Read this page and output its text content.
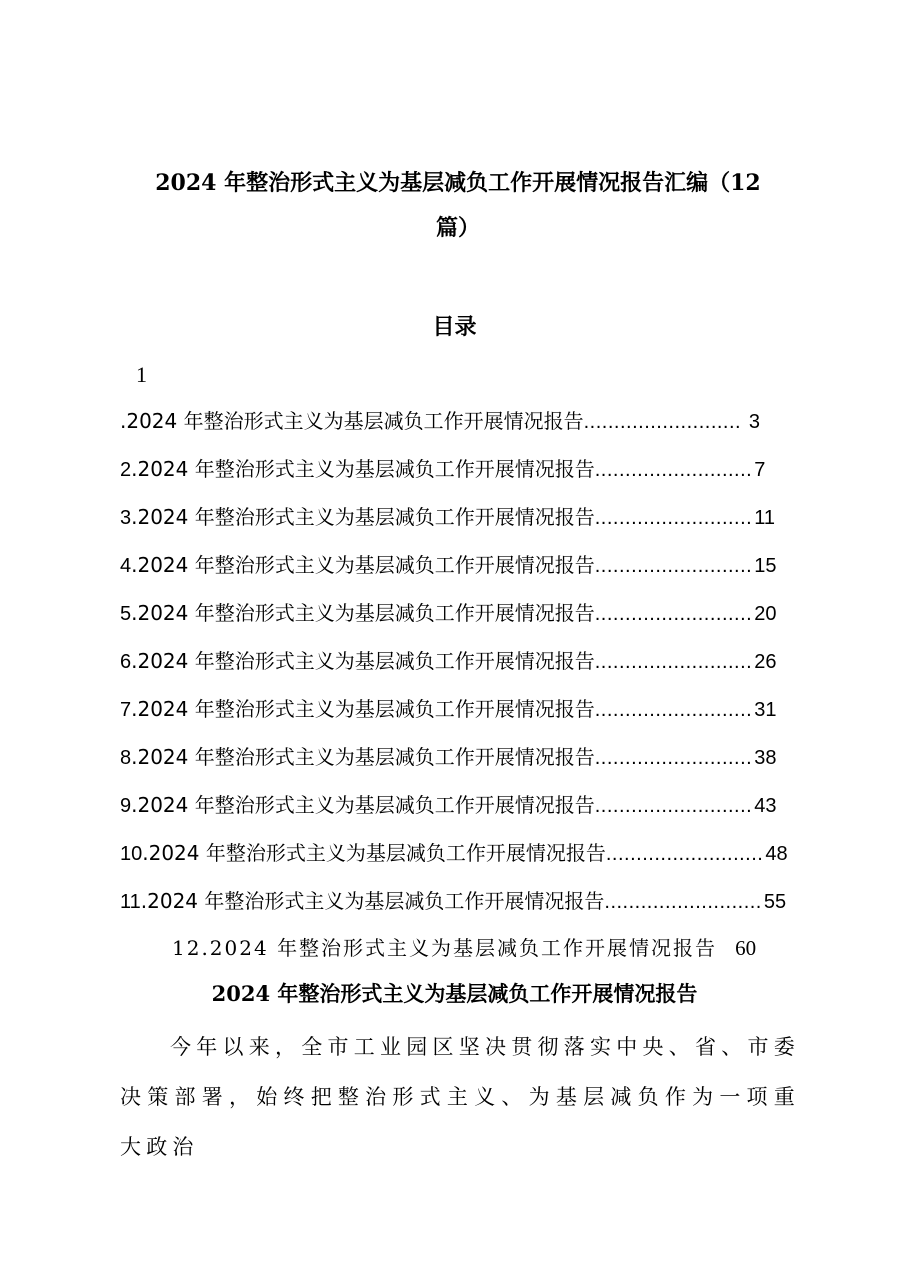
2024 年整治形式主义为基层减负工作开展情况报告汇编（12
篇）
目录
1
.2024 年整治形式主义为基层减负工作开展情况报告 .......................... 3
2 .2024 年整治形式主义为基层减负工作开展情况报告 .......................... 7
3 .2024 年整治形式主义为基层减负工作开展情况报告 .......................... 11
4 .2024 年整治形式主义为基层减负工作开展情况报告 .......................... 15
5 .2024 年整治形式主义为基层减负工作开展情况报告 .......................... 20
6 .2024 年整治形式主义为基层减负工作开展情况报告 .......................... 26
7 .2024 年整治形式主义为基层减负工作开展情况报告 .......................... 31
8 .2024 年整治形式主义为基层减负工作开展情况报告 .......................... 38
9 .2024 年整治形式主义为基层减负工作开展情况报告 .......................... 43
10 .2024 年整治形式主义为基层减负工作开展情况报告 .......................... 48
11 .2024 年整治形式主义为基层减负工作开展情况报告 .......................... 55
12.2024 年整治形式主义为基层减负工作开展情况报告 60
2024 年整治形式主义为基层减负工作开展情况报告
今年以来，全市工业园区坚决贯彻落实中央、省、市委决策部署，始终把整治形式主义、为基层减负作为一项重大政治
